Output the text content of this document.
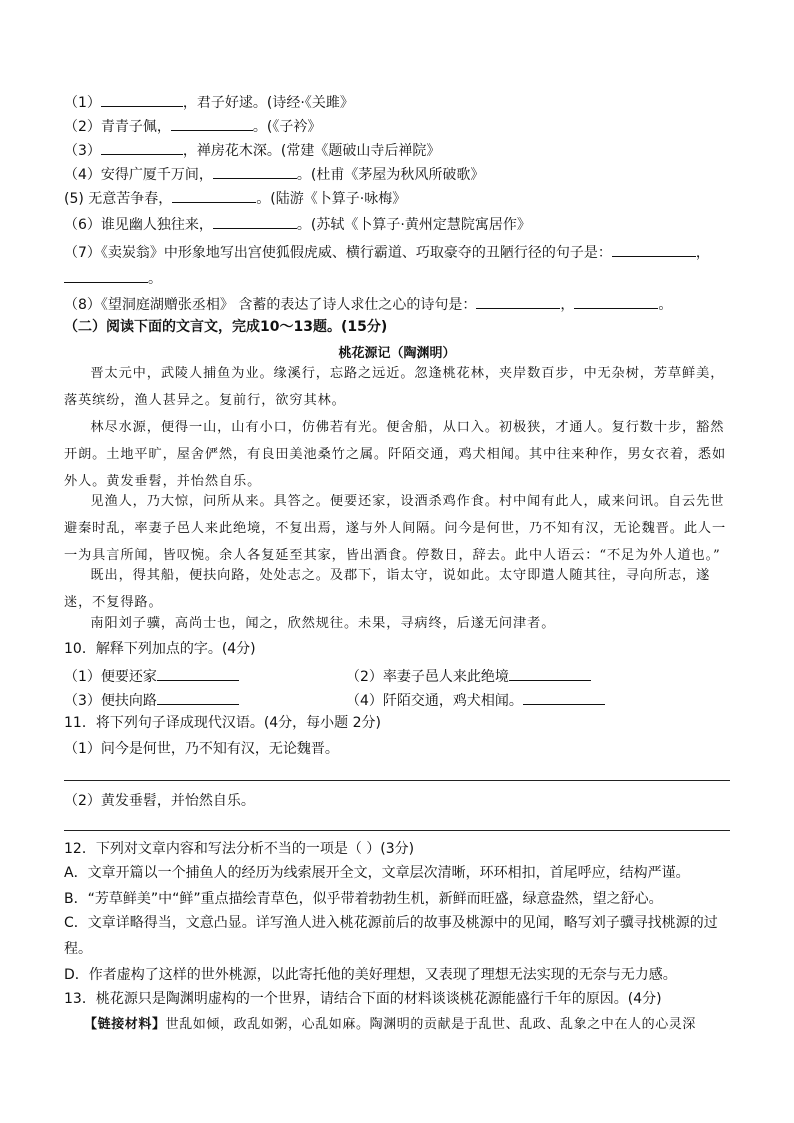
（1）	，君子好逑。(诗经·《关雎》
（2）青青子佩，	。(《子衿》
（3）	，禅房花木深。(常建《题破山寺后禅院》
（4）安得广厦千万间，	。(杜甫《茅屋为秋风所破歌》
(5) 无意苦争春，	。(陆游《卜算子·咏梅》
（6）谁见幽人独往来，	。(苏轼《卜算子·黄州定慧院寓居作》
（7）《卖炭翁》中形象地写出宫使狐假虎威、横行霸道、巧取豪夺的丑陋行径的句子是：	，
。
（8）《望洞庭湖赠张丞相》 含蓄的表达了诗人求仕之心的诗句是：	，	。
（二）阅读下面的文言文，完成10～13题。(15分)
桃花源记（陶渊明）
晋太元中，武陵人捕鱼为业。缘溪行，忘路之远近。忽逢桃花林，夹岸数百步，中无杂树，芳草鲜美，落英缤纷，渔人甚异之。复前行，欲穷其林。
林尽水源，便得一山，山有小口，仿佛若有光。便舍船，从口入。初极狭，才通人。复行数十步，豁然开朗。土地平旷，屋舍俨然，有良田美池桑竹之属。阡陌交通，鸡犬相闻。其中往来种作，男女衣着，悉如外人。黄发垂髫，并怡然自乐。
见渔人，乃大惊，问所从来。具答之。便要还家，设酒杀鸡作食。村中闻有此人，咸来问讯。自云先世避秦时乱，率妻子邑人来此绝境，不复出焉，遂与外人间隔。问今是何世，乃不知有汉，无论魏晋。此人一一为具言所闻，皆叹惋。余人各复延至其家，皆出酒食。停数日，辞去。此中人语云：“不足为外人道也。”
既出，得其船，便扶向路，处处志之。及郡下，诣太守，说如此。太守即遣人随其往，寻向所志，遂迷，不复得路。
南阳刘子骥，高尚士也，闻之，欣然规往。未果，寻病终，后遂无问津者。
10．解释下列加点的字。(4分)
（1）便要还家	（2）率妻子邑人来此绝境
（3）便扶向路	（4）阡陌交通，鸡犬相闻。
11．将下列句子译成现代汉语。(4分，每小题 2分)
（1）问今是何世，乃不知有汉，无论魏晋。
（2）黄发垂髫，并怡然自乐。
12．下列对文章内容和写法分析不当的一项是（ ）(3分)
A．文章开篇以一个捕鱼人的经历为线索展开全文，文章层次清晰，环环相扣，首尾呼应，结构严谨。
B．“芳草鲜美”中“鲜”重点描绘青草色，似乎带着勃勃生机，新鲜而旺盛，绿意盎然，望之舒心。
C．文章详略得当，文意凸显。详写渔人进入桃花源前后的故事及桃源中的见闻，略写刘子骥寻找桃源的过
程。
D．作者虚构了这样的世外桃源，以此寄托他的美好理想，又表现了理想无法实现的无奈与无力感。
13．桃花源只是陶渊明虚构的一个世界，请结合下面的材料谈谈桃花源能盛行千年的原因。(4分)
【链接材料】世乱如倾，政乱如粥，心乱如麻。陶渊明的贡献是于乱世、乱政、乱象之中在人的心灵深
